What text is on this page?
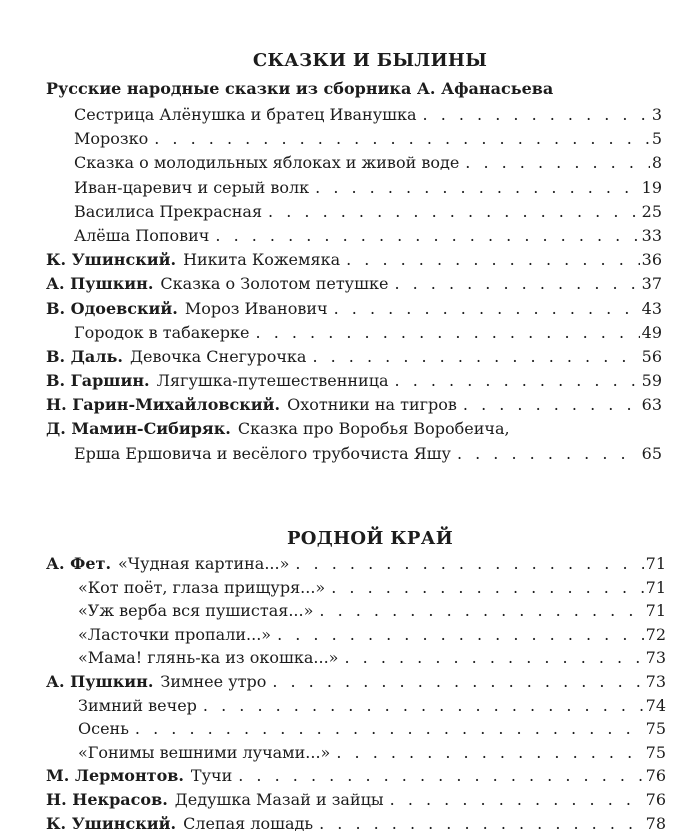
СКАЗКИ И БЫЛИНЫ
Русские народные сказки из сборника А. Афанасьева
Сестрица Алёнушка и братец Иванушка . . .	3
Морозко . . .	5
Сказка о молодильных яблоках и живой воде . . .	8
Иван-царевич и серый волк . . .	19
Василиса Прекрасная . . .	25
Алёша Попович . . .	33
К. Ушинский. Никита Кожемяка . . .	36
А. Пушкин. Сказка о Золотом петушке . . .	37
В. Одоевский. Мороз Иванович . . .	43
Городок в табакерке . . .	49
В. Даль. Девочка Снегурочка . . .	56
В. Гаршин. Лягушка-путешественница . . .	59
Н. Гарин-Михайловский. Охотники на тигров . . .	63
Д. Мамин-Сибиряк. Сказка про Воробья Воробеича,
Ерша Ершовича и весёлого трубочиста Яшу . . .	65
РОДНОЙ КРАЙ
А. Фет. «Чудная картина...» . . .	71
«Кот поёт, глаза прищуря...» . . .	71
«Уж верба вся пушистая...» . . .	71
«Ласточки пропали...» . . .	72
«Мама! глянь-ка из окошка...» . . .	73
А. Пушкин. Зимнее утро . . .	73
Зимний вечер . . .	74
Осень . . .	75
«Гонимы вешними лучами...» . . .	75
М. Лермонтов. Тучи . . .	76
Н. Некрасов. Дедушка Мазай и зайцы . . .	76
К. Ушинский. Слепая лошадь . . .	78
